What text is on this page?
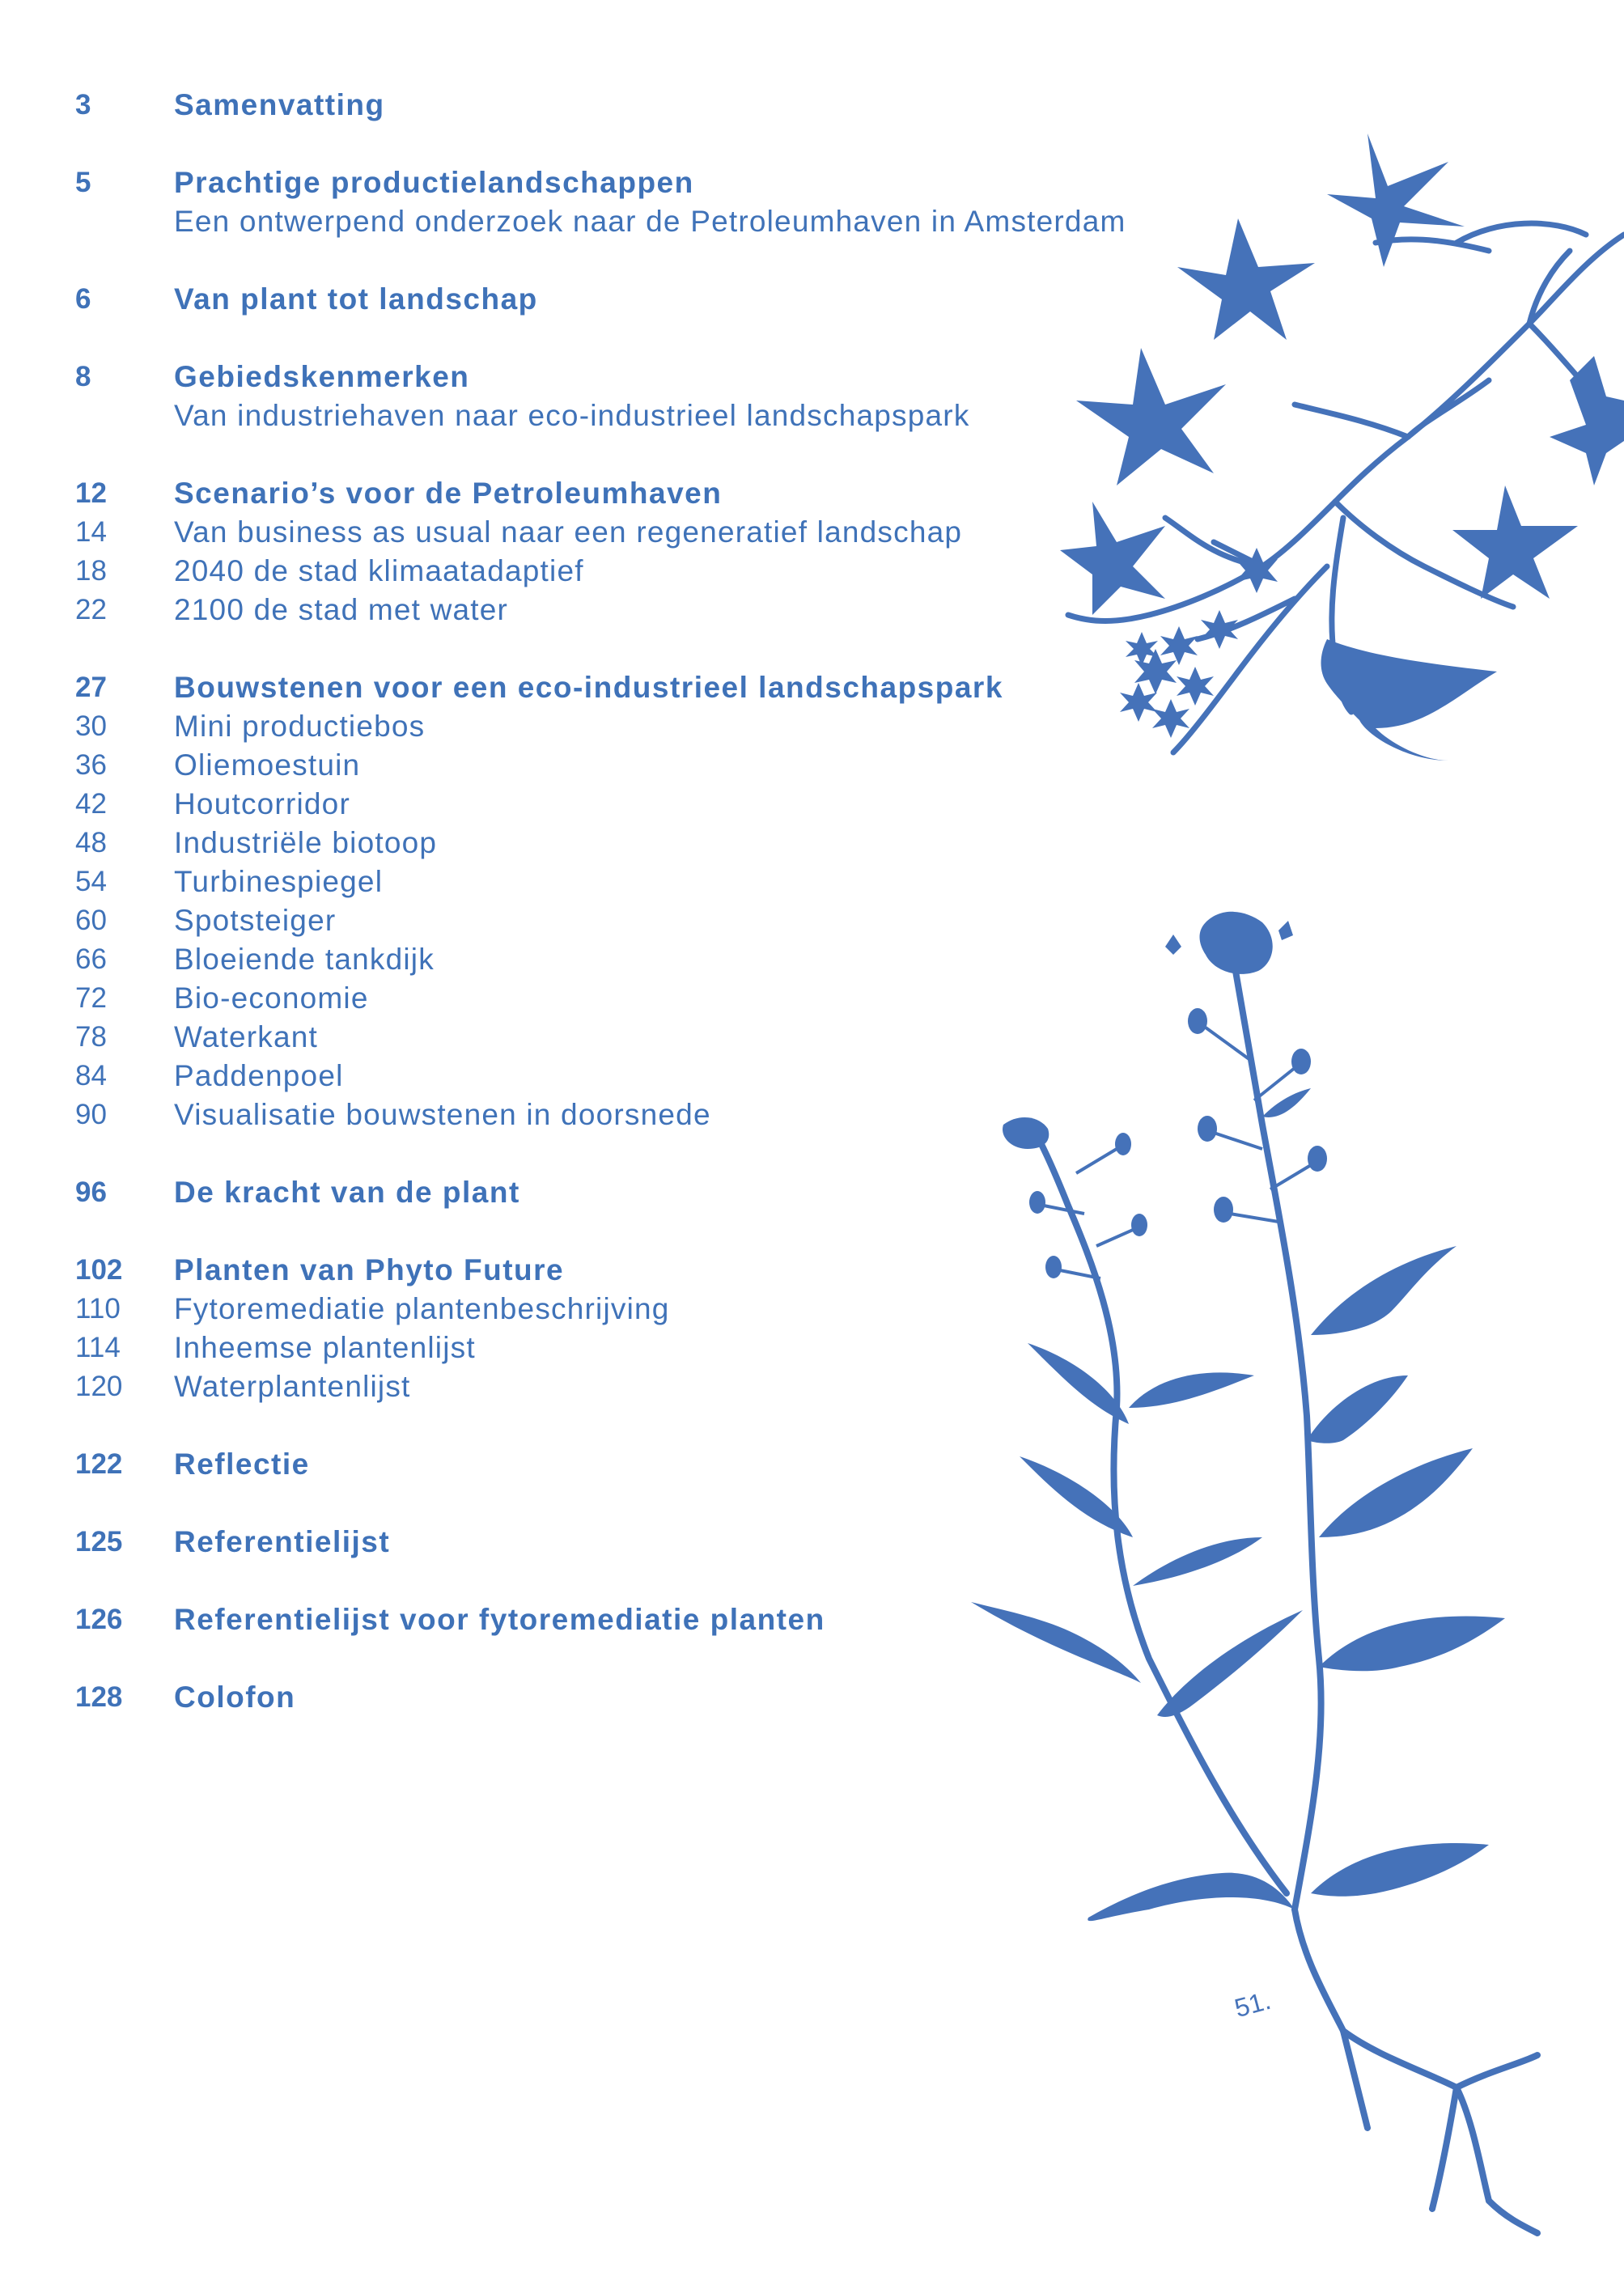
3	Samenvatting
5	Prachtige productielandschappen
Een ontwerpend onderzoek naar de Petroleumhaven in Amsterdam
6	Van plant tot landschap
8	Gebiedskenmerken
Van industriehaven naar eco-industrieel landschapspark
12	Scenario’s voor de Petroleumhaven
14	Van business as usual naar een regeneratief landschap
18	2040 de stad klimaatadaptief
22	2100 de stad met water
27	Bouwstenen voor een eco-industrieel landschapspark
30	Mini productiebos
36	Oliemoestuin
42	Houtcorridor
48	Industriële biotoop
54	Turbinespiegel
60	Spotsteiger
66	Bloeiende tankdijk
72	Bio-economie
78	Waterkant
84	Paddenpoel
90	Visualisatie bouwstenen in doorsnede
96	De kracht van de plant
102	Planten van Phyto Future
110	Fytoremediatie plantenbeschrijving
114	Inheemse plantenlijst
120	Waterplantenlijst
122	Reflectie
125	Referentielijst
126	Referentielijst voor fytoremediatie planten
128	Colofon
51.
